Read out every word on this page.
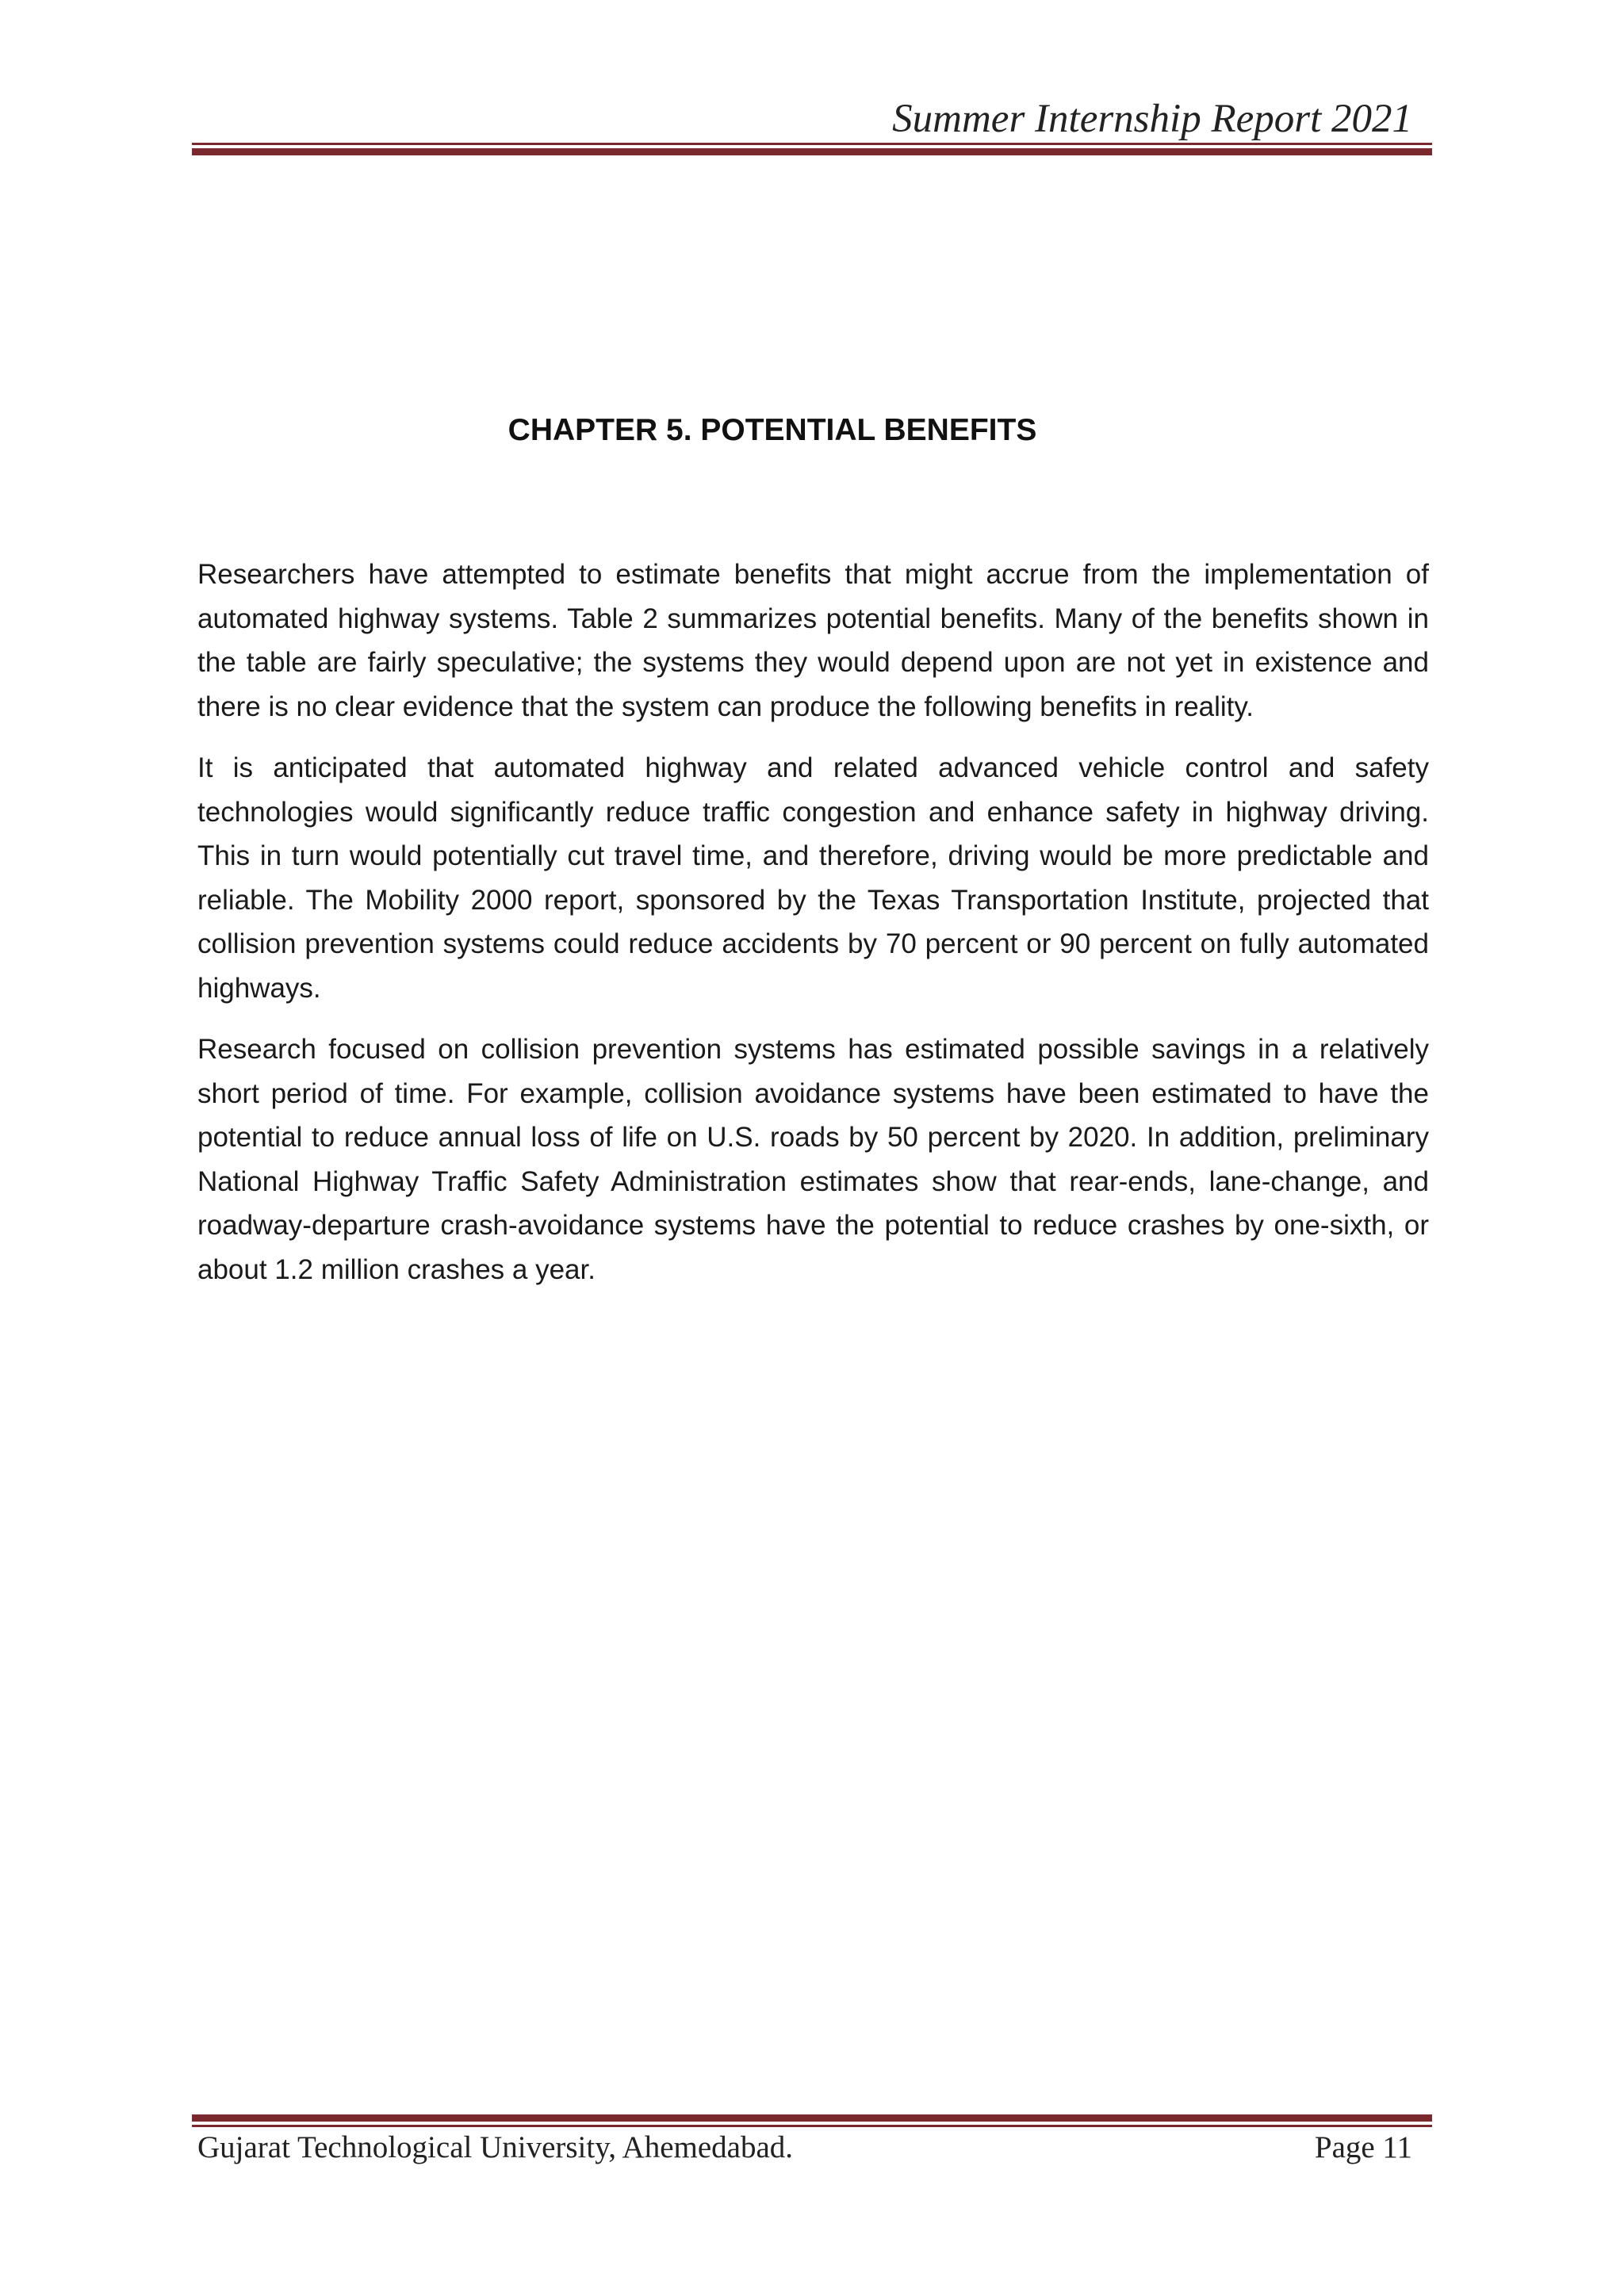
Summer Internship Report 2021
CHAPTER 5. POTENTIAL BENEFITS

Researchers have attempted to estimate benefits that might accrue from the implementation of automated highway systems. Table 2 summarizes potential benefits. Many of the benefits shown in the table are fairly speculative; the systems they would depend upon are not yet in existence and there is no clear evidence that the system can produce the following benefits in reality.

It is anticipated that automated highway and related advanced vehicle control and safety technologies would significantly reduce traffic congestion and enhance safety in highway driving. This in turn would potentially cut travel time, and therefore, driving would be more predictable and reliable. The Mobility 2000 report, sponsored by the Texas Transportation Institute, projected that collision prevention systems could reduce accidents by 70 percent or 90 percent on fully automated highways.

Research focused on collision prevention systems has estimated possible savings in a relatively short period of time. For example, collision avoidance systems have been estimated to have the potential to reduce annual loss of life on U.S. roads by 50 percent by 2020. In addition, preliminary National Highway Traffic Safety Administration estimates show that rear-ends, lane-change, and roadway-departure crash-avoidance systems have the potential to reduce crashes by one-sixth, or about 1.2 million crashes a year.

Gujarat Technological University, Ahemedabad.	Page 11
